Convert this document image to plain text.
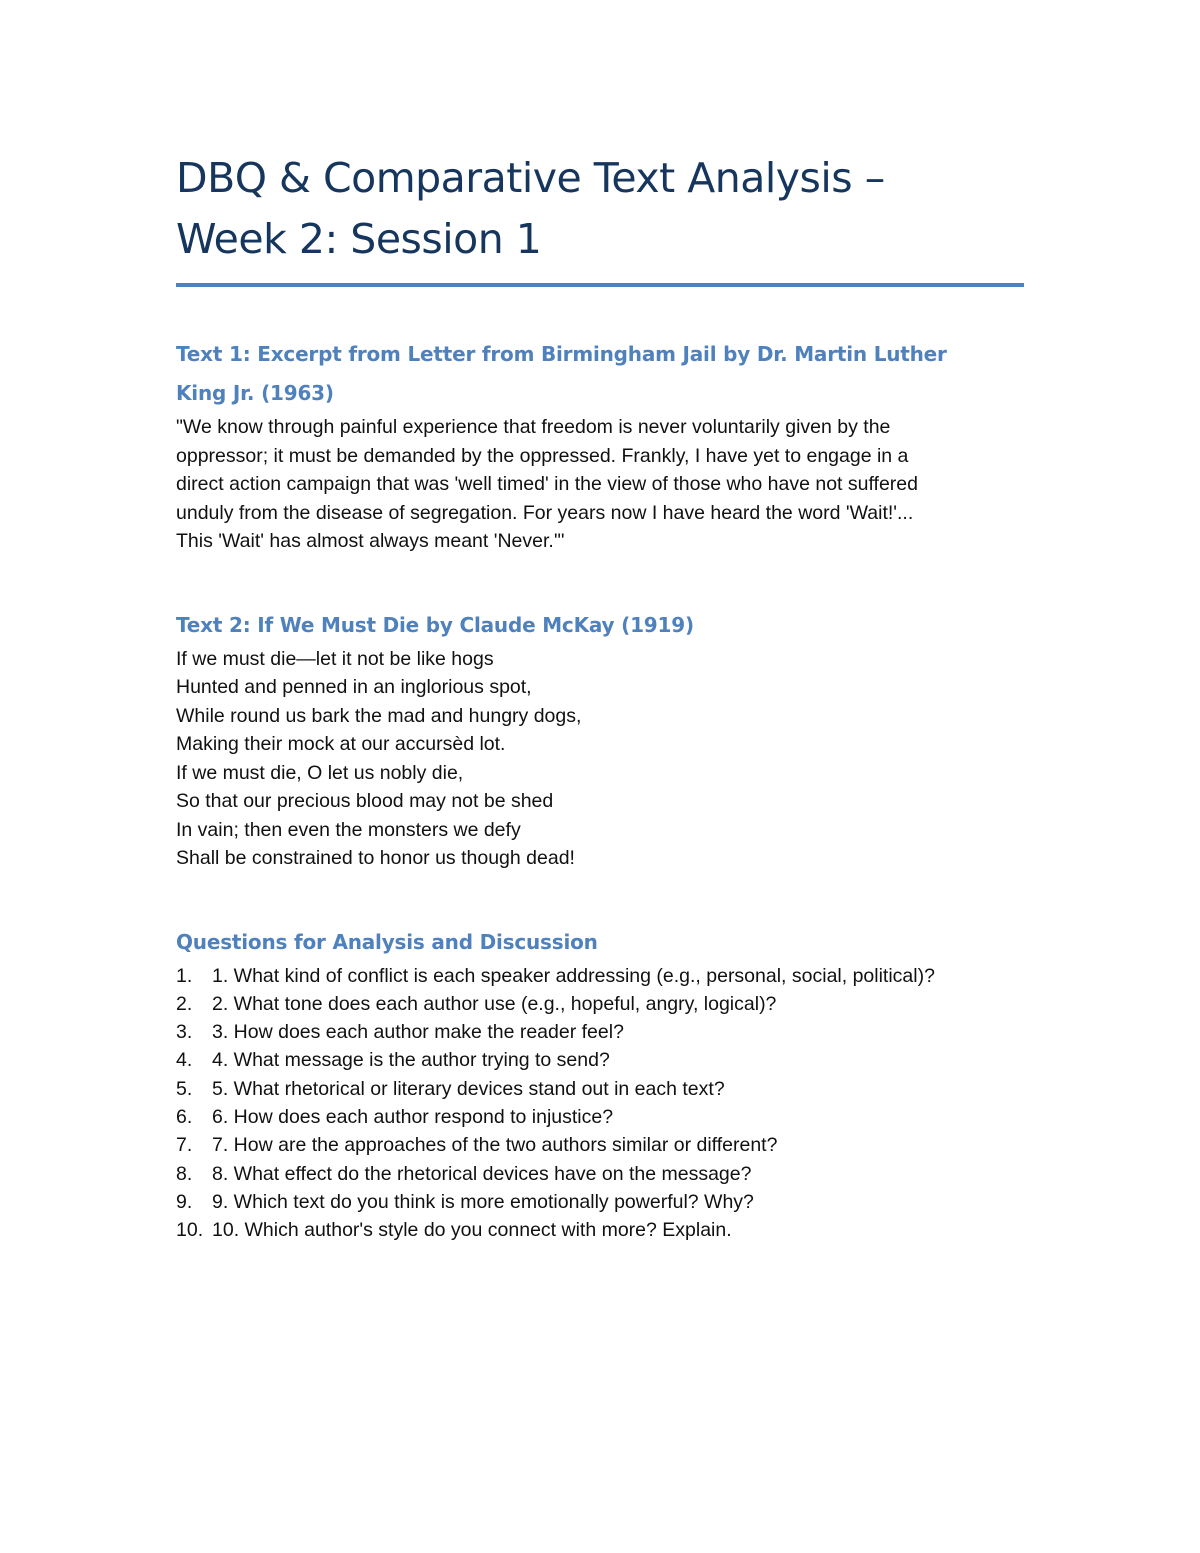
DBQ & Comparative Text Analysis –
Week 2: Session 1
Text 1: Excerpt from Letter from Birmingham Jail by Dr. Martin Luther
King Jr. (1963)

"We know through painful experience that freedom is never voluntarily given by the
oppressor; it must be demanded by the oppressed. Frankly, I have yet to engage in a
direct action campaign that was 'well timed' in the view of those who have not suffered
unduly from the disease of segregation. For years now I have heard the word 'Wait!'...
This 'Wait' has almost always meant 'Never.'"

Text 2: If We Must Die by Claude McKay (1919)

If we must die—let it not be like hogs
Hunted and penned in an inglorious spot,
While round us bark the mad and hungry dogs,
Making their mock at our accursèd lot.
If we must die, O let us nobly die,
So that our precious blood may not be shed
In vain; then even the monsters we defy
Shall be constrained to honor us though dead!

Questions for Analysis and Discussion
1.	1. What kind of conflict is each speaker addressing (e.g., personal, social, political)?
2.	2. What tone does each author use (e.g., hopeful, angry, logical)?
3.	3. How does each author make the reader feel?
4.	4. What message is the author trying to send?
5.	5. What rhetorical or literary devices stand out in each text?
6.	6. How does each author respond to injustice?
7.	7. How are the approaches of the two authors similar or different?
8.	8. What effect do the rhetorical devices have on the message?
9.	9. Which text do you think is more emotionally powerful? Why?
10. 10. Which author's style do you connect with more? Explain.
